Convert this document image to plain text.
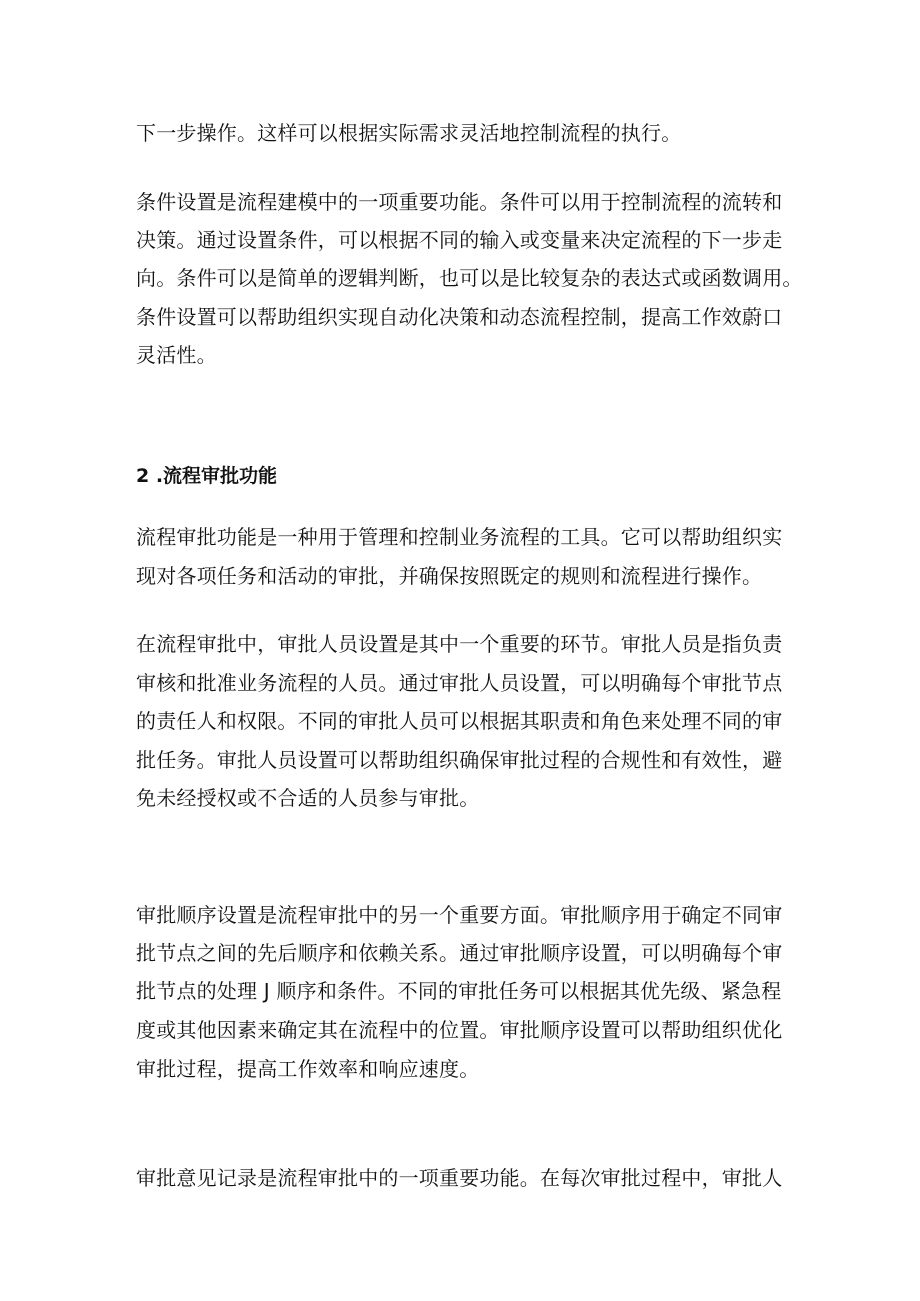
下一步操作。这样可以根据实际需求灵活地控制流程的执行。
条件设置是流程建模中的一项重要功能。条件可以用于控制流程的流转和
决策。通过设置条件，可以根据不同的输入或变量来决定流程的下一步走
向。条件可以是简单的逻辑判断，也可以是比较复杂的表达式或函数调用。
条件设置可以帮助组织实现自动化决策和动态流程控制，提高工作效蔚口
灵活性。
2 .流程审批功能
流程审批功能是一种用于管理和控制业务流程的工具。它可以帮助组织实
现对各项任务和活动的审批，并确保按照既定的规则和流程进行操作。
在流程审批中，审批人员设置是其中一个重要的环节。审批人员是指负责
审核和批准业务流程的人员。通过审批人员设置，可以明确每个审批节点
的责任人和权限。不同的审批人员可以根据其职责和角色来处理不同的审
批任务。审批人员设置可以帮助组织确保审批过程的合规性和有效性，避
免未经授权或不合适的人员参与审批。
审批顺序设置是流程审批中的另一个重要方面。审批顺序用于确定不同审
批节点之间的先后顺序和依赖关系。通过审批顺序设置，可以明确每个审
批节点的处理 J 顺序和条件。不同的审批任务可以根据其优先级、紧急程
度或其他因素来确定其在流程中的位置。审批顺序设置可以帮助组织优化
审批过程，提高工作效率和响应速度。
审批意见记录是流程审批中的一项重要功能。在每次审批过程中，审批人
